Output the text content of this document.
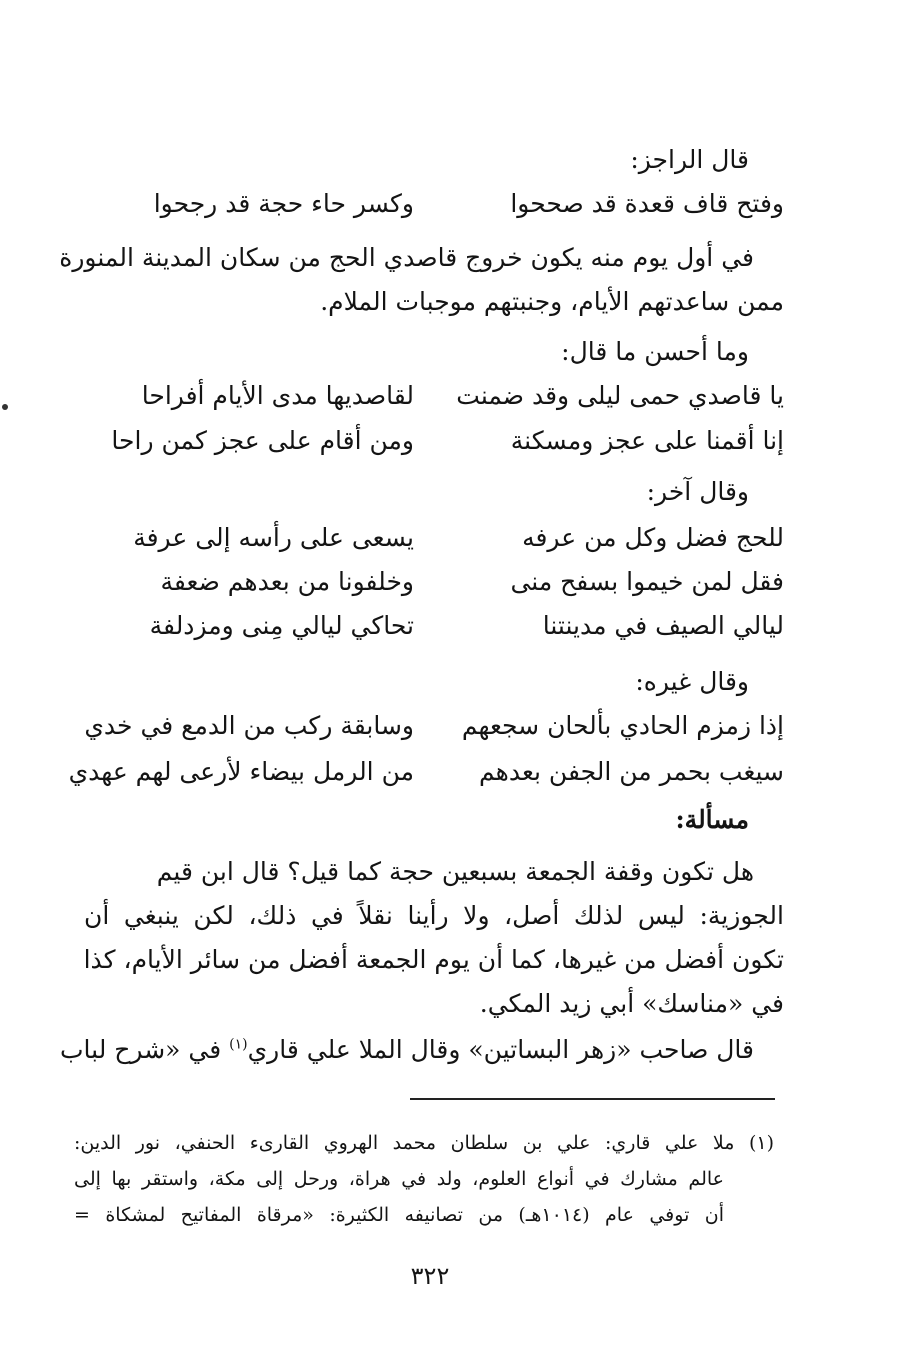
قال الراجز:
وفتح قاف قعدة قد صححوا
وكسر حاء حجة قد رجحوا
في أول يوم منه يكون خروج قاصدي الحج من سكان المدينة المنورة
ممن ساعدتهم الأيام، وجنبتهم موجبات الملام.
وما أحسن ما قال:
يا قاصدي حمى ليلى وقد ضمنت
لقاصديها مدى الأيام أفراحا
إنا أقمنا على عجز ومسكنة
ومن أقام على عجز كمن راحا
وقال آخر:
للحج فضل وكل من عرفه
يسعى على رأسه إلى عرفة
فقل لمن خيموا بسفح منى
وخلفونا من بعدهم ضعفة
ليالي الصيف في مدينتنا
تحاكي ليالي مِنى ومزدلفة
وقال غيره:
إذا زمزم الحادي بألحان سجعهم
وسابقة ركب من الدمع في خدي
سيغب بحمر من الجفن بعدهم
من الرمل بيضاء لأرعى لهم عهدي
مسألة:
هل تكون وقفة الجمعة بسبعين حجة كما قيل؟ قال ابن قيم
الجوزية: ليس لذلك أصل، ولا رأينا نقلاً في ذلك، لكن ينبغي أن
تكون أفضل من غيرها، كما أن يوم الجمعة أفضل من سائر الأيام، كذا
في «مناسك» أبي زيد المكي.
قال صاحب «زهر البساتين» وقال الملا علي قاري$^{(١)}$ في «شرح لباب
(١) ملا علي قاري: علي بن سلطان محمد الهروي القارىء الحنفي، نور الدين:
عالم مشارك في أنواع العلوم، ولد في هراة، ورحل إلى مكة، واستقر بها إلى
أن توفي عام (١٠١٤هـ) من تصانيفه الكثيرة: «مرقاة المفاتيح لمشكاة =
٣٢٢
